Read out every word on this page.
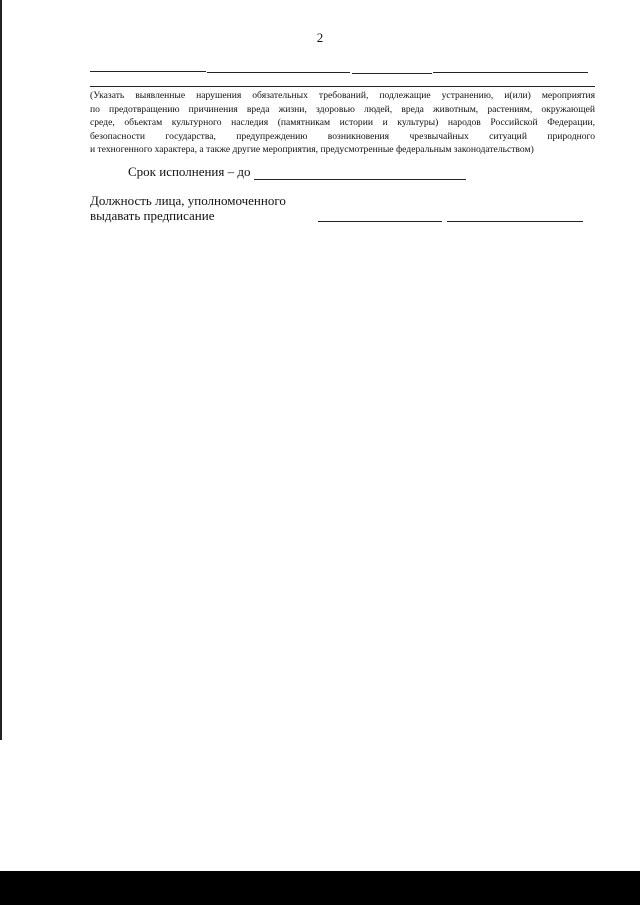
2
(Указать выявленные нарушения обязательных требований, подлежащие устранению, и(или) мероприятия
по предотвращению причинения вреда жизни, здоровью людей, вреда животным, растениям, окружающей
среде, объектам культурного наследия (памятникам истории и культуры) народов Российской Федерации,
безопасности государства, предупреждению возникновения чрезвычайных ситуаций природного
и техногенного характера, а также другие мероприятия, предусмотренные федеральным законодательством)
Срок исполнения – до
Должность лица, уполномоченного
выдавать предписание
